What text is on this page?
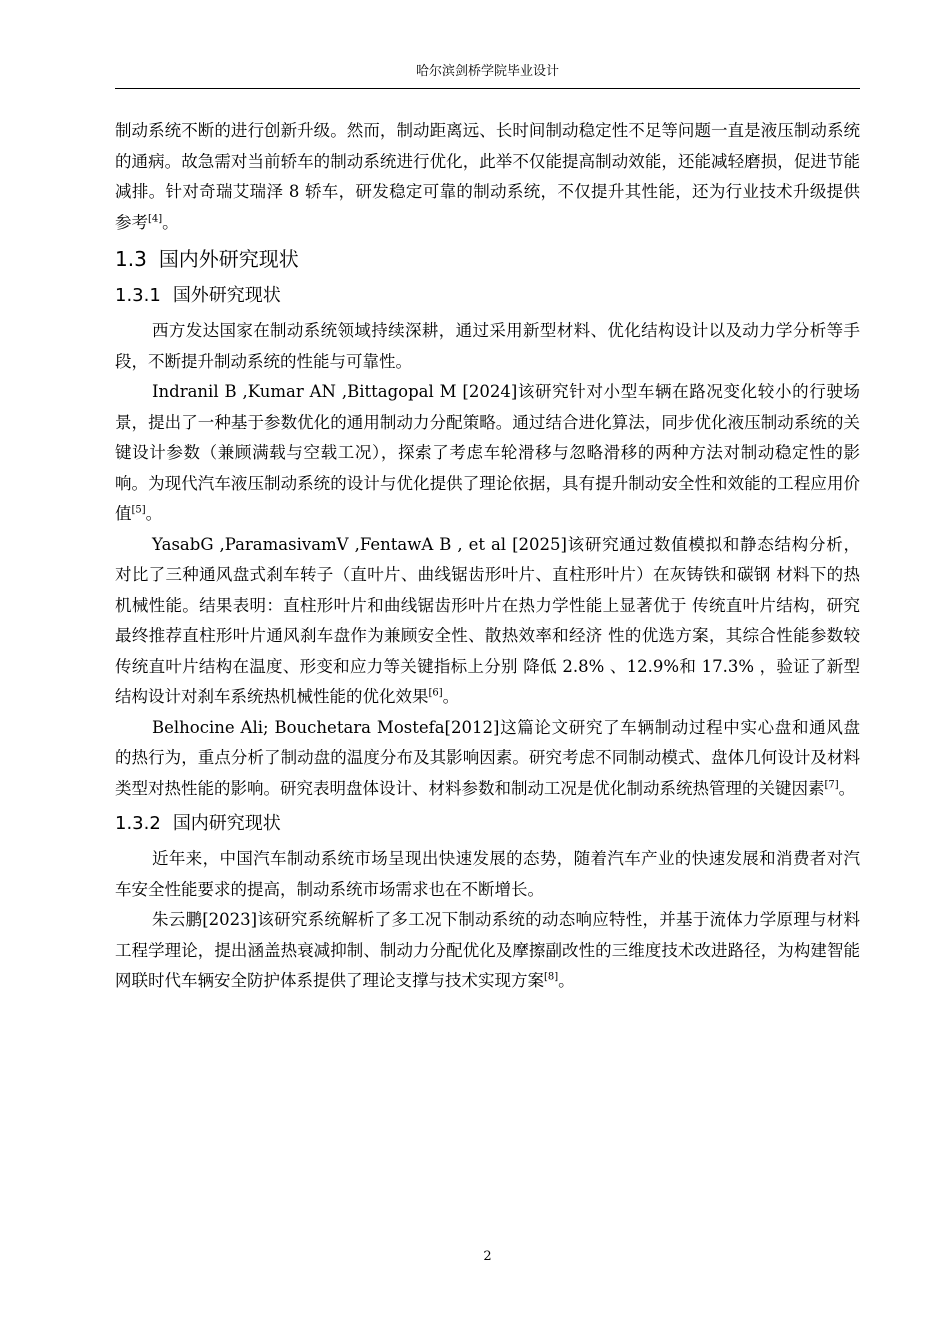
哈尔滨剑桥学院毕业设计

制动系统不断的进行创新升级。然而，制动距离远、长时间制动稳定性不足等问题一直是液压制动系统的通病。故急需对当前轿车的制动系统进行优化，此举不仅能提高制动效能，还能减轻磨损，促进节能减排。针对奇瑞艾瑞泽 8 轿车，研发稳定可靠的制动系统，不仅提升其性能，还为行业技术升级提供参考[4]。

1.3 国内外研究现状
1.3.1 国外研究现状

西方发达国家在制动系统领域持续深耕，通过采用新型材料、优化结构设计以及动力学分析等手段，不断提升制动系统的性能与可靠性。

Indranil B ,Kumar AN ,Bittagopal M [2024]该研究针对小型车辆在路况变化较小的行驶场景，提出了一种基于参数优化的通用制动力分配策略。通过结合进化算法，同步优化液压制动系统的关键设计参数（兼顾满载与空载工况），探索了考虑车轮滑移与忽略滑移的两种方法对制动稳定性的影响。为现代汽车液压制动系统的设计与优化提供了理论依据，具有提升制动安全性和效能的工程应用价值[5]。

YasabG ,ParamasivamV ,FentawA B , et al [2025]该研究通过数值模拟和静态结构分析， 对比了三种通风盘式刹车转子（直叶片、曲线锯齿形叶片、直柱形叶片）在灰铸铁和碳钢 材料下的热机械性能。结果表明：直柱形叶片和曲线锯齿形叶片在热力学性能上显著优于 传统直叶片结构，研究最终推荐直柱形叶片通风刹车盘作为兼顾安全性、散热效率和经济 性的优选方案，其综合性能参数较传统直叶片结构在温度、形变和应力等关键指标上分别 降低 2.8% 、12.9%和 17.3% ，验证了新型结构设计对刹车系统热机械性能的优化效果[6]。

Belhocine Ali; Bouchetara Mostefa[2012]这篇论文研究了车辆制动过程中实心盘和通风盘的热行为，重点分析了制动盘的温度分布及其影响因素。研究考虑不同制动模式、盘体几何设计及材料类型对热性能的影响。研究表明盘体设计、材料参数和制动工况是优化制动系统热管理的关键因素[7]。

1.3.2 国内研究现状

近年来，中国汽车制动系统市场呈现出快速发展的态势，随着汽车产业的快速发展和消费者对汽车安全性能要求的提高，制动系统市场需求也在不断增长。

朱云鹏[2023]该研究系统解析了多工况下制动系统的动态响应特性，并基于流体力学原理与材料工程学理论，提出涵盖热衰减抑制、制动力分配优化及摩擦副改性的三维度技术改进路径，为构建智能网联时代车辆安全防护体系提供了理论支撑与技术实现方案[8]。

2
